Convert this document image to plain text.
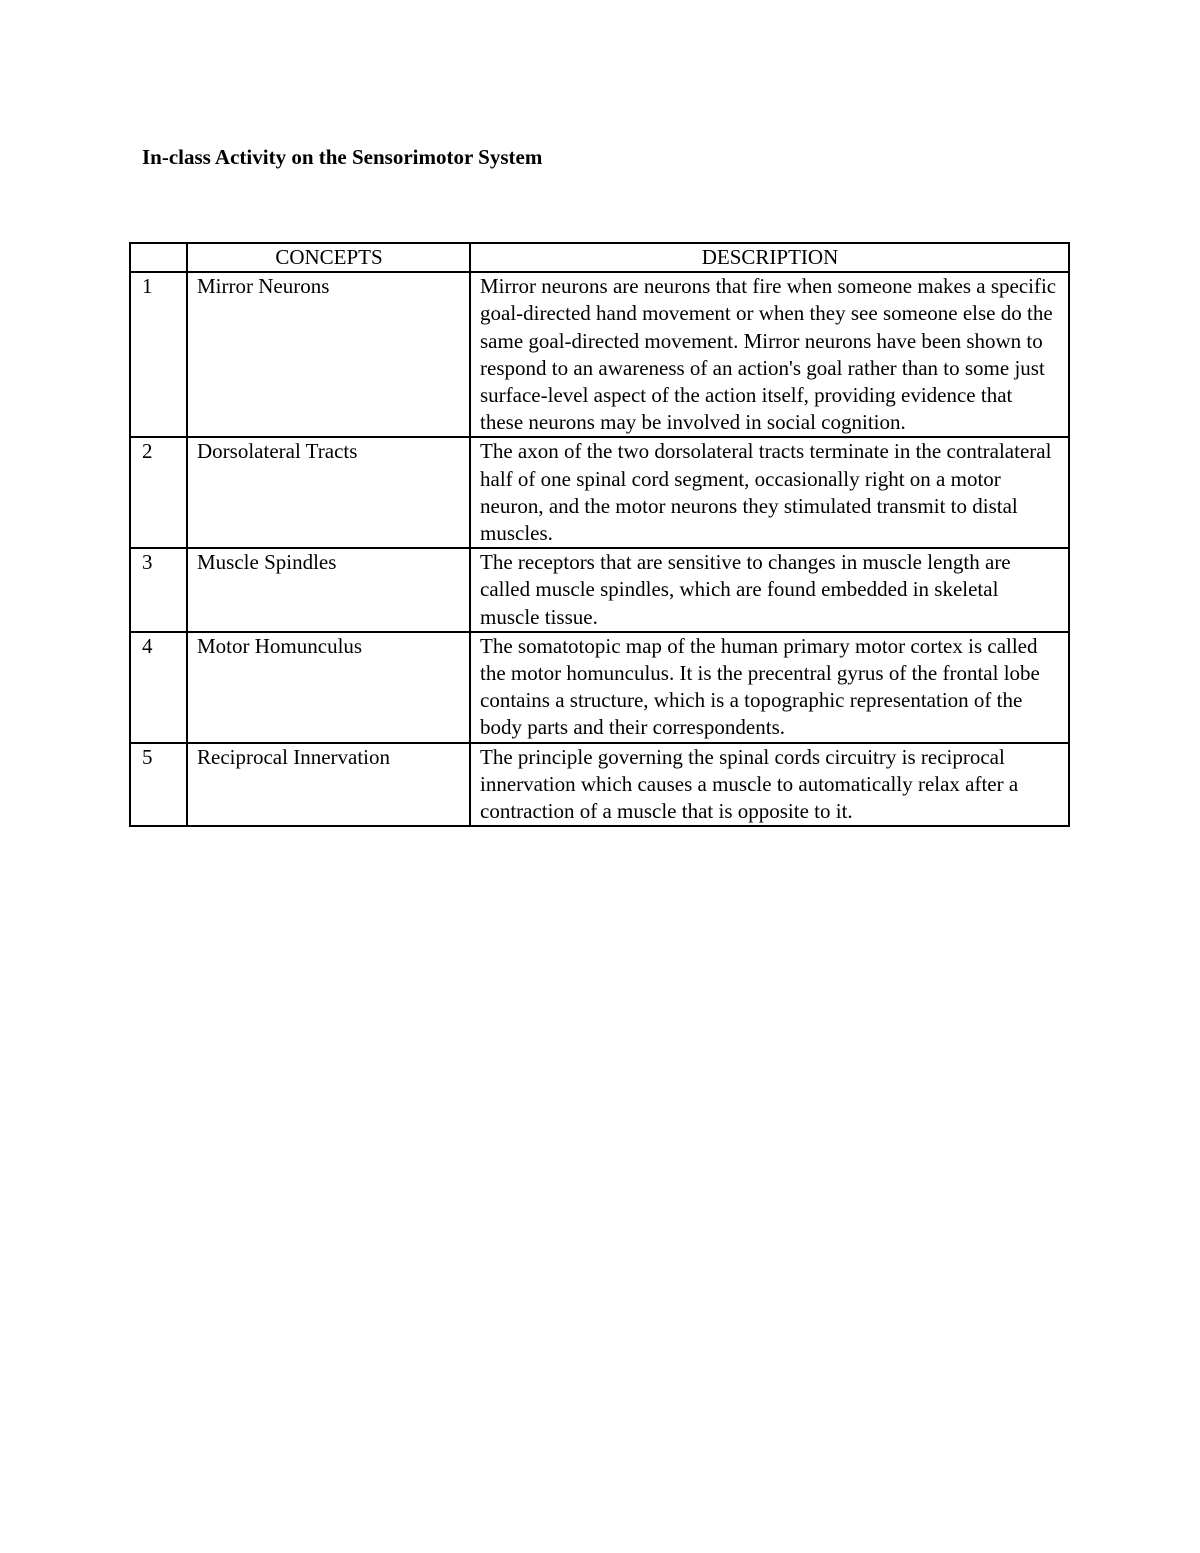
In-class Activity on the Sensorimotor System
	CONCEPTS	DESCRIPTION
1	Mirror Neurons	Mirror neurons are neurons that fire when someone makes a specific goal-directed hand movement or when they see someone else do the same goal-directed movement. Mirror neurons have been shown to respond to an awareness of an action's goal rather than to some just surface-level aspect of the action itself, providing evidence that these neurons may be involved in social cognition.
2	Dorsolateral Tracts	The axon of the two dorsolateral tracts terminate in the contralateral half of one spinal cord segment, occasionally right on a motor neuron, and the motor neurons they stimulated transmit to distal muscles.
3	Muscle Spindles	The receptors that are sensitive to changes in muscle length are called muscle spindles, which are found embedded in skeletal muscle tissue.
4	Motor Homunculus	The somatotopic map of the human primary motor cortex is called the motor homunculus. It is the precentral gyrus of the frontal lobe contains a structure, which is a topographic representation of the body parts and their correspondents.
5	Reciprocal Innervation	The principle governing the spinal cords circuitry is reciprocal innervation which causes a muscle to automatically relax after a contraction of a muscle that is opposite to it.
